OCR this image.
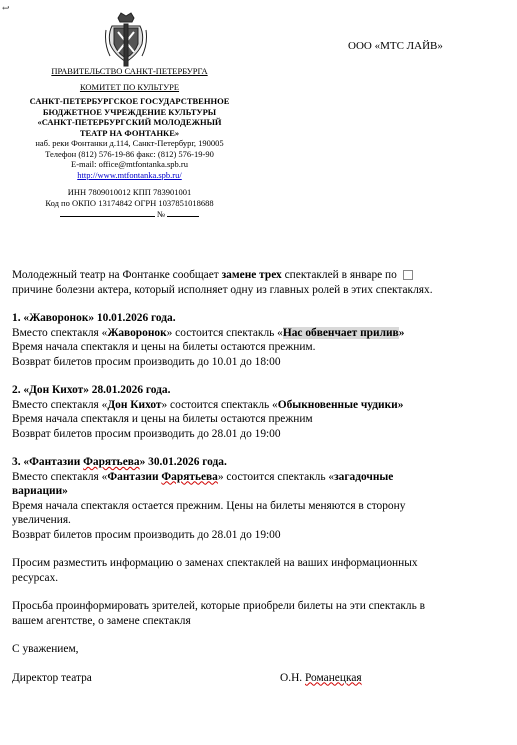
↩
ООО «МТС ЛАЙВ»
ПРАВИТЕЛЬСТВО САНКТ-ПЕТЕРБУРГА
КОМИТЕТ ПО КУЛЬТУРЕ
САНКТ-ПЕТЕРБУРГСКОЕ ГОСУДАРСТВЕННОЕ
БЮДЖЕТНОЕ УЧРЕЖДЕНИЕ КУЛЬТУРЫ
«САНКТ-ПЕТЕРБУРГСКИЙ МОЛОДЕЖНЫЙ
ТЕАТР НА ФОНТАНКЕ»
наб. реки Фонтанки д.114, Санкт-Петербург, 190005
Телефон (812) 576-19-86 факс: (812) 576-19-90
E-mail: office@mtfontanka.spb.ru
http://www.mtfontanka.spb.ru/
ИНН 7809010012 КПП 783901001
Код по ОКПО 13174842 ОГРН 1037851018688
№

Молодежный театр на Фонтанке сообщает замене трех спектаклей в январе по

причине болезни актера, который исполняет одну из главных ролей в этих спектаклях.

1. «Жаворонок» 10.01.2026 года.

Вместо спектакля «Жаворонок» состоится спектакль «Нас обвенчает прилив»

Время начала спектакля и цены на билеты остаются прежним.

Возврат билетов просим производить до 10.01 до 18:00

2. «Дон Кихот» 28.01.2026 года.

Вместо спектакля «Дон Кихот» состоится спектакль «Обыкновенные чудики»

Время начала спектакля и цены на билеты остаются прежним

Возврат билетов просим производить до 28.01 до 19:00

3. «Фантазии Фарятьева» 30.01.2026 года.

Вместо спектакля «Фантазии Фарятьева» состоится спектакль «загадочные

вариации»

Время начала спектакля остается прежним. Цены на билеты меняются в сторону

увеличения.

Возврат билетов просим производить до 28.01 до 19:00

Просим разместить информацию о заменах спектаклей на ваших информационных

ресурсах.

Просьба проинформировать зрителей, которые приобрели билеты на эти спектакль в

вашем агентстве, о замене спектакля

С уважением,

Директор театра	О.Н. Романецкая
